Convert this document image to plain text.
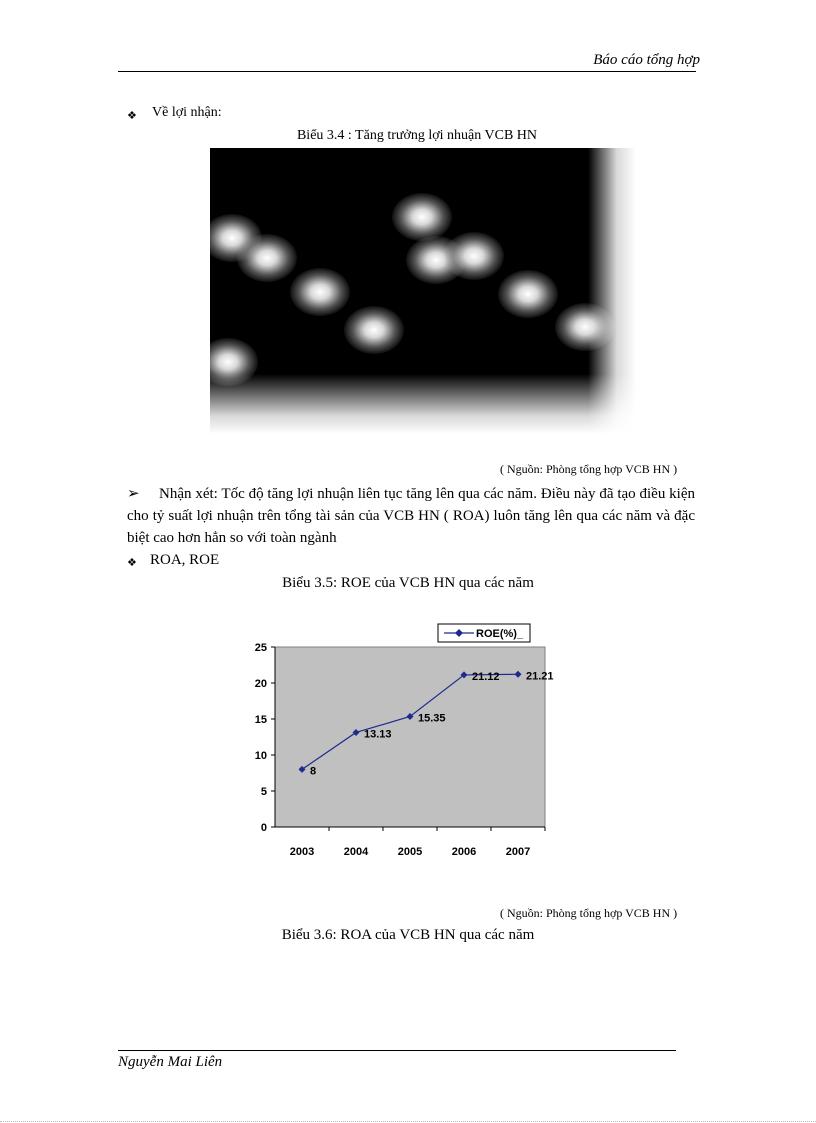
Báo cáo tổng hợp
❖ Về lợi nhận:
Biểu 3.4 : Tăng trưởng lợi nhuận VCB HN
( Nguồn: Phòng tổng hợp VCB HN )
➢ Nhận xét: Tốc độ tăng lợi nhuận liên tục tăng lên qua các năm. Điều này đã tạo điều kiện cho tỷ suất lợi nhuận trên tổng tài sản của VCB HN ( ROA) luôn tăng lên qua các năm và đặc biệt cao hơn hẳn so với toàn ngành
❖ ROA, ROE
Biểu 3.5: ROE của VCB HN qua các năm
0
5
10
15
20
25
2003	2004	2005	2006	2007
8
13.13
15.35
21.12 21.21
ROE(%)_
( Nguồn: Phòng tổng hợp VCB HN )
Biểu 3.6: ROA của VCB HN qua các năm
Nguyễn Mai Liên
